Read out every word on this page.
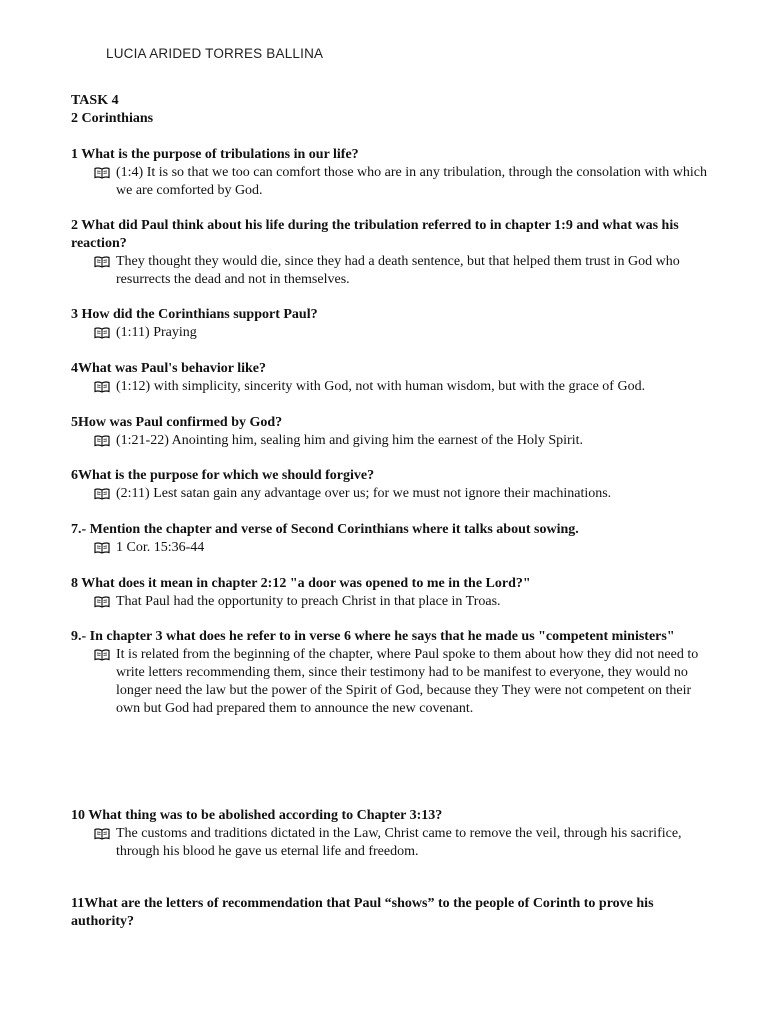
LUCIA ARIDED TORRES BALLINA
TASK 4
2 Corinthians
1 What is the purpose of tribulations in our life?
(1:4) It is so that we too can comfort those who are in any tribulation, through the consolation with which we are comforted by God.
2 What did Paul think about his life during the tribulation referred to in chapter 1:9 and what was his reaction?
They thought they would die, since they had a death sentence, but that helped them trust in God who resurrects the dead and not in themselves.
3 How did the Corinthians support Paul?
(1:11) Praying
4What was Paul's behavior like?
(1:12) with simplicity, sincerity with God, not with human wisdom, but with the grace of God.
5How was Paul confirmed by God?
(1:21-22) Anointing him, sealing him and giving him the earnest of the Holy Spirit.
6What is the purpose for which we should forgive?
(2:11) Lest satan gain any advantage over us; for we must not ignore their machinations.
7.- Mention the chapter and verse of Second Corinthians where it talks about sowing.
1 Cor. 15:36-44
8 What does it mean in chapter 2:12 "a door was opened to me in the Lord?"
That Paul had the opportunity to preach Christ in that place in Troas.
9.- In chapter 3 what does he refer to in verse 6 where he says that he made us "competent ministers"
It is related from the beginning of the chapter, where Paul spoke to them about how they did not need to write letters recommending them, since their testimony had to be manifest to everyone, they would no longer need the law but the power of the Spirit of God, because they They were not competent on their own but God had prepared them to announce the new covenant.
10 What thing was to be abolished according to Chapter 3:13?
The customs and traditions dictated in the Law, Christ came to remove the veil, through his sacrifice, through his blood he gave us eternal life and freedom.
11What are the letters of recommendation that Paul “shows” to the people of Corinth to prove his authority?
